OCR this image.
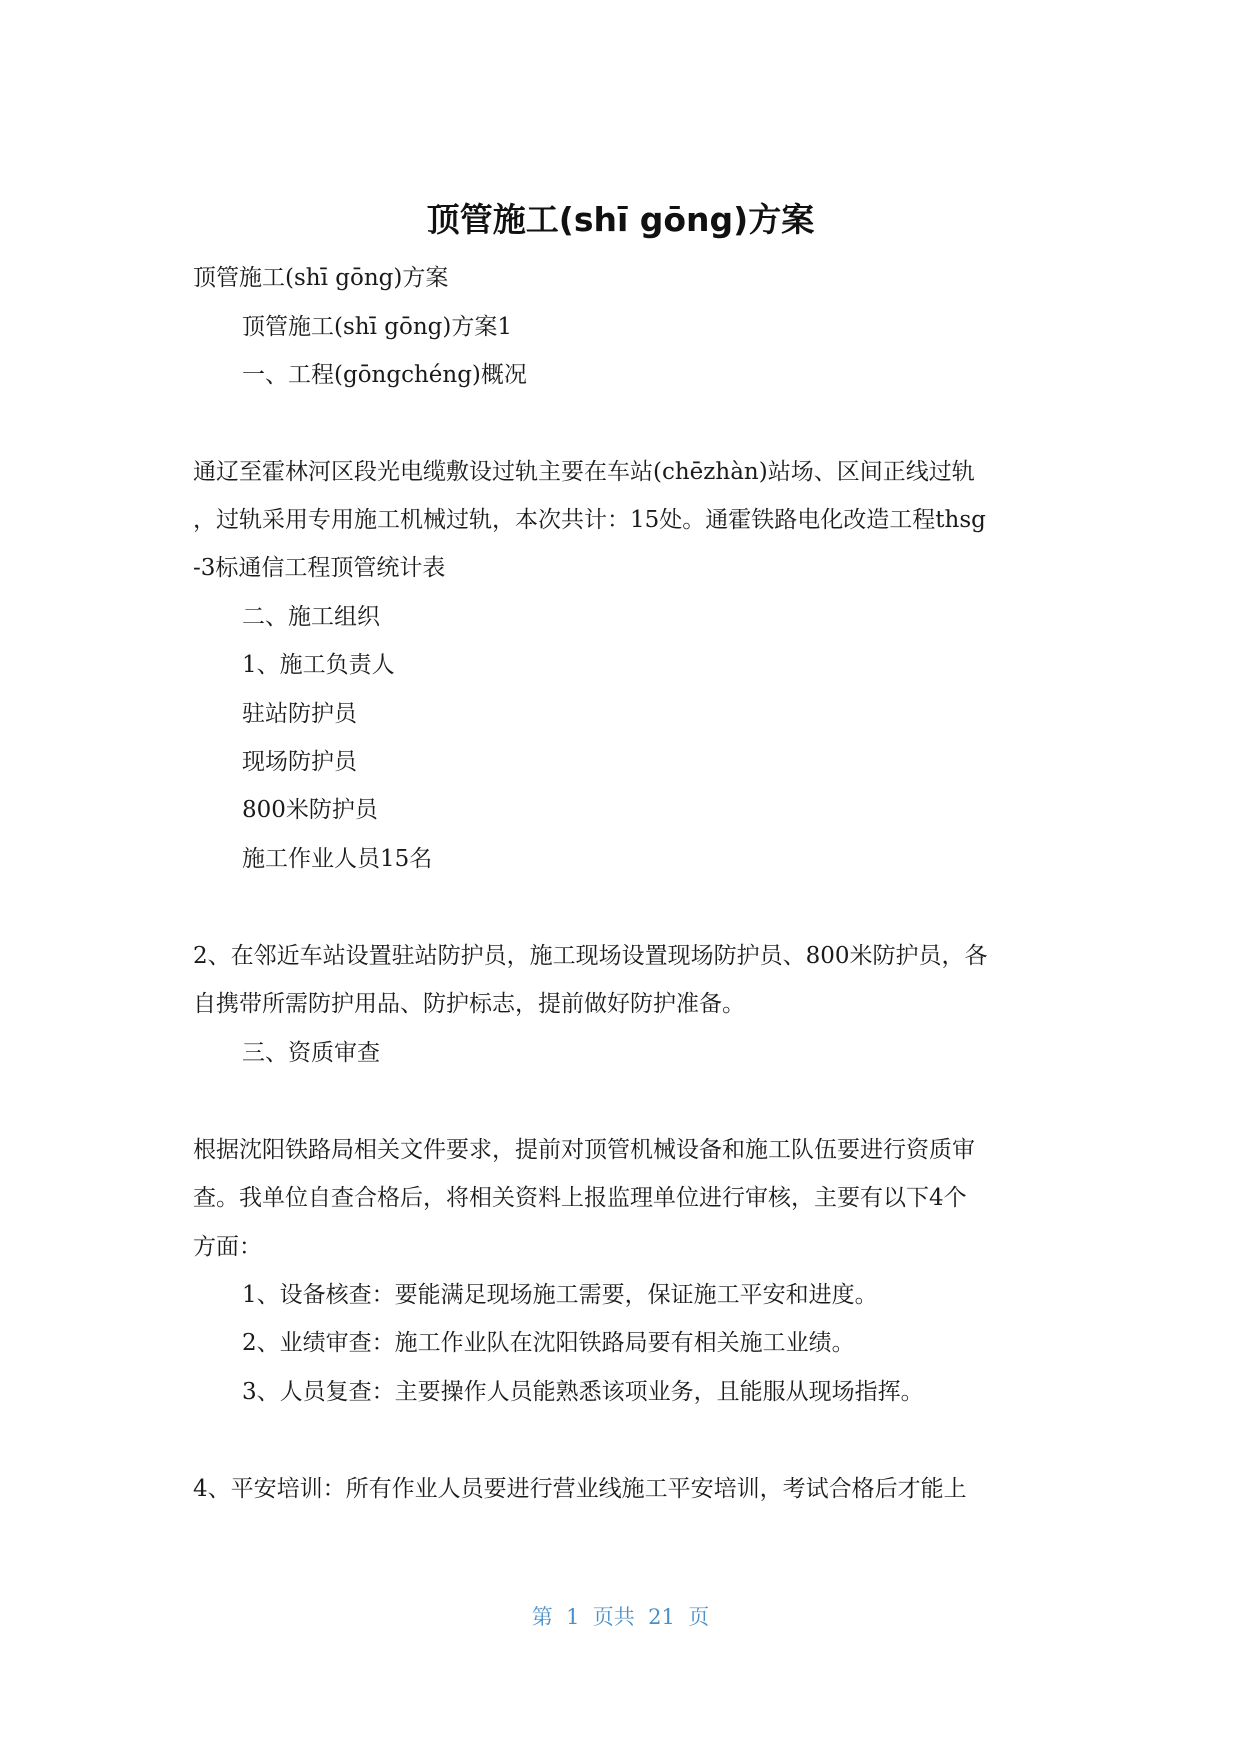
顶管施工(shī gōng)方案
顶管施工(shī gōng)方案
顶管施工(shī gōng)方案1
一、工程(gōngchéng)概况
通辽至霍林河区段光电缆敷设过轨主要在车站(chēzhàn)站场、区间正线过轨
，过轨采用专用施工机械过轨，本次共计：15处。通霍铁路电化改造工程thsg
-3标通信工程顶管统计表
二、施工组织
1、施工负责人
驻站防护员
现场防护员
800米防护员
施工作业人员15名
2、在邻近车站设置驻站防护员，施工现场设置现场防护员、800米防护员，各
自携带所需防护用品、防护标志，提前做好防护准备。
三、资质审查
根据沈阳铁路局相关文件要求，提前对顶管机械设备和施工队伍要进行资质审
查。我单位自查合格后，将相关资料上报监理单位进行审核，主要有以下4个
方面：
1、设备核查：要能满足现场施工需要，保证施工平安和进度。
2、业绩审查：施工作业队在沈阳铁路局要有相关施工业绩。
3、人员复查：主要操作人员能熟悉该项业务，且能服从现场指挥。
4、平安培训：所有作业人员要进行营业线施工平安培训，考试合格后才能上
第  1  页共  21  页
